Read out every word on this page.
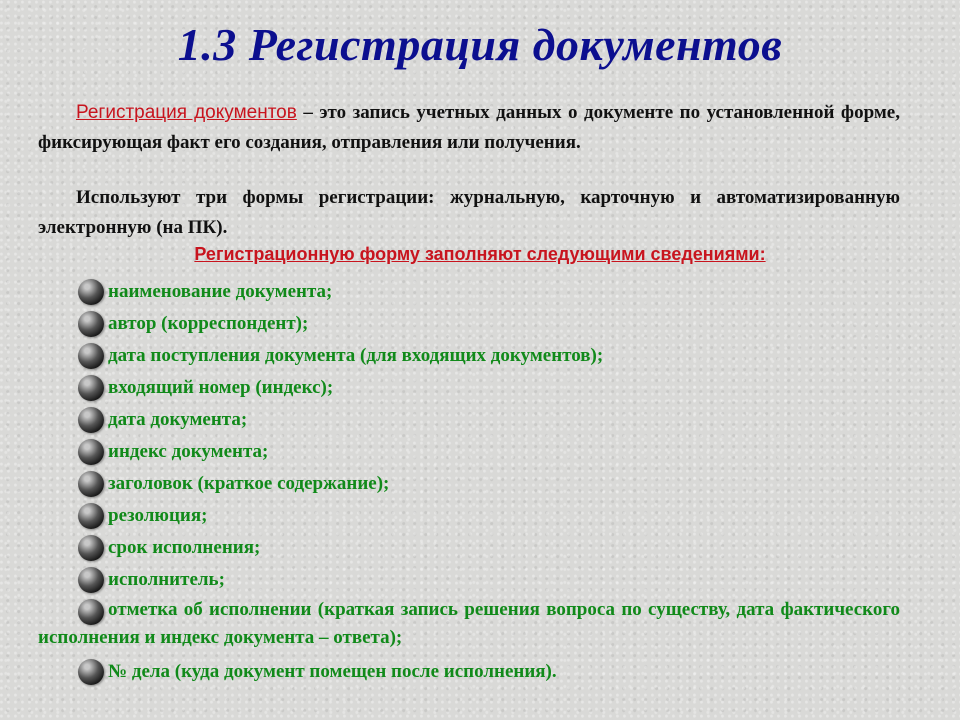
1.3 Регистрация документов
Регистрация документов – это запись учетных данных о документе по установленной форме, фиксирующая факт его создания, отправления или получения.
Используют три формы регистрации: журнальную, карточную и автоматизированную электронную (на ПК).
Регистрационную форму заполняют следующими сведениями:
наименование документа;
автор (корреспондент);
дата поступления документа (для входящих документов);
входящий номер (индекс);
дата документа;
индекс документа;
заголовок (краткое содержание);
резолюция;
срок исполнения;
исполнитель;
отметка об исполнении (краткая запись решения вопроса по существу, дата фактического исполнения и индекс документа – ответа);
№ дела (куда документ помещен после исполнения).
